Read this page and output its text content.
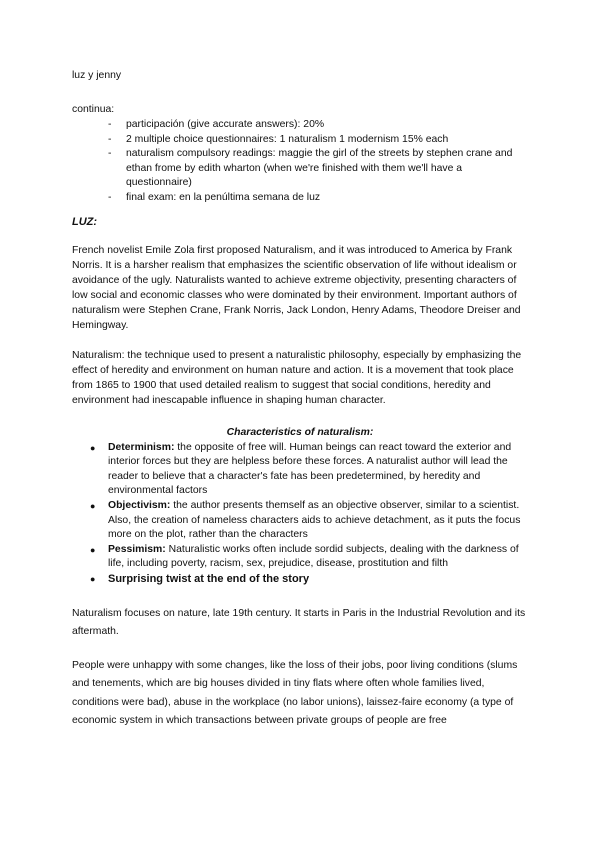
luz y jenny

continua:

- participación (give accurate answers): 20%
- 2 multiple choice questionnaires: 1 naturalism 1 modernism 15% each
- naturalism compulsory readings: maggie the girl of the streets by stephen crane and ethan frome by edith wharton (when we're finished with them we'll have a questionnaire)
- final exam: en la penúltima semana de luz

LUZ:

French novelist Emile Zola first proposed Naturalism, and it was introduced to America by Frank Norris. It is a harsher realism that emphasizes the scientific observation of life without idealism or avoidance of the ugly. Naturalists wanted to achieve extreme objectivity, presenting characters of low social and economic classes who were dominated by their environment. Important authors of naturalism were Stephen Crane, Frank Norris, Jack London, Henry Adams, Theodore Dreiser and Hemingway.

Naturalism: the technique used to present a naturalistic philosophy, especially by emphasizing the effect of heredity and environment on human nature and action. It is a movement that took place from 1865 to 1900 that used detailed realism to suggest that social conditions, heredity and environment had inescapable influence in shaping human character.

Characteristics of naturalism:

● Determinism: the opposite of free will. Human beings can react toward the exterior and interior forces but they are helpless before these forces. A naturalist author will lead the reader to believe that a character's fate has been predetermined, by heredity and environmental factors
● Objectivism: the author presents themself as an objective observer, similar to a scientist. Also, the creation of nameless characters aids to achieve detachment, as it puts the focus more on the plot, rather than the characters
● Pessimism: Naturalistic works often include sordid subjects, dealing with the darkness of life, including poverty, racism, sex, prejudice, disease, prostitution and filth
● Surprising twist at the end of the story

Naturalism focuses on nature, late 19th century. It starts in Paris in the Industrial Revolution and its aftermath.

People were unhappy with some changes, like the loss of their jobs, poor living conditions (slums and tenements, which are big houses divided in tiny flats where often whole families lived, conditions were bad), abuse in the workplace (no labor unions), laissez-faire economy (a type of economic system in which transactions between private groups of people are free
